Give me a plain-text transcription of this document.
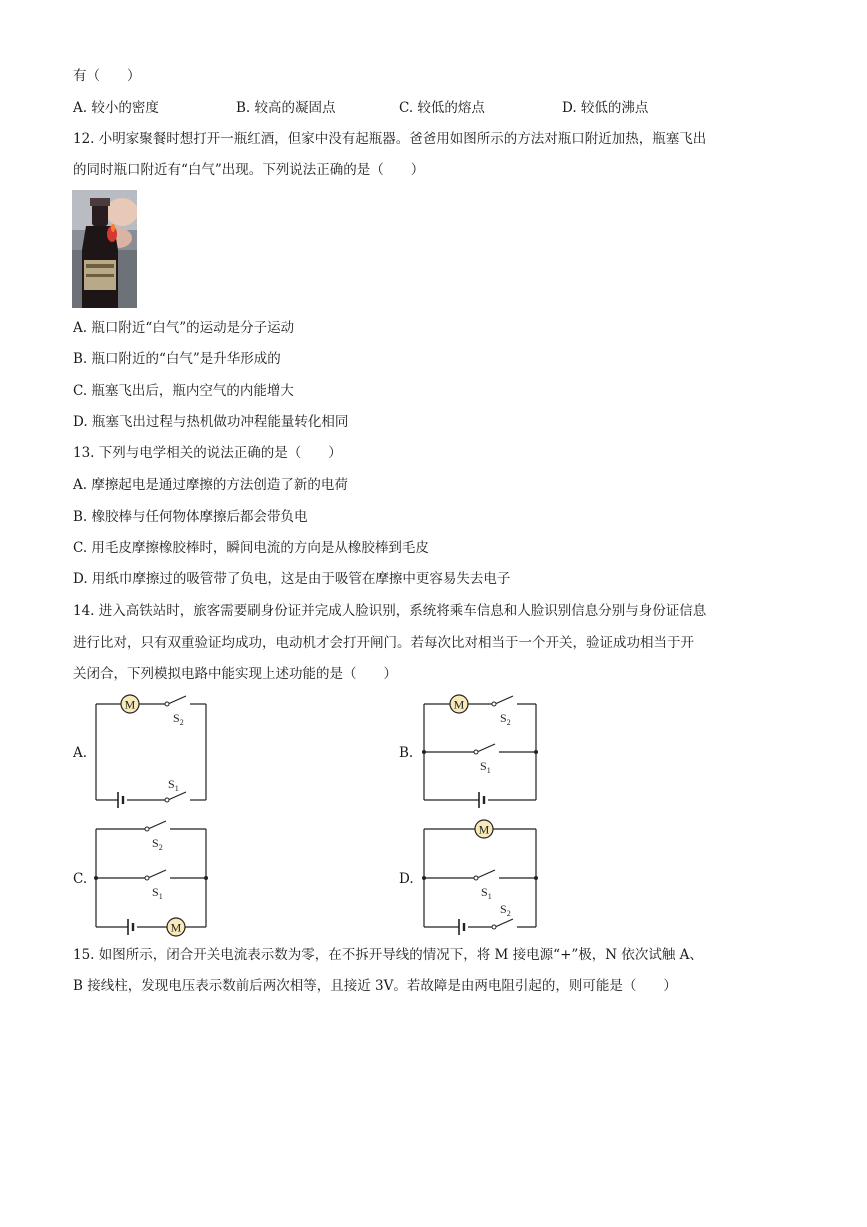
有（　　）
A. 较小的密度	B. 较高的凝固点	C. 较低的熔点	D. 较低的沸点
12. 小明家聚餐时想打开一瓶红酒，但家中没有起瓶器。爸爸用如图所示的方法对瓶口附近加热，瓶塞飞出
的同时瓶口附近有“白气”出现。下列说法正确的是（　　）
A. 瓶口附近“白气”的运动是分子运动
B. 瓶口附近的“白气”是升华形成的
C. 瓶塞飞出后，瓶内空气的内能增大
D. 瓶塞飞出过程与热机做功冲程能量转化相同
13. 下列与电学相关的说法正确的是（　　）
A. 摩擦起电是通过摩擦的方法创造了新的电荷
B. 橡胶棒与任何物体摩擦后都会带负电
C. 用毛皮摩擦橡胶棒时，瞬间电流的方向是从橡胶棒到毛皮
D. 用纸巾摩擦过的吸管带了负电，这是由于吸管在摩擦中更容易失去电子
14. 进入高铁站时，旅客需要刷身份证并完成人脸识别，系统将乘车信息和人脸识别信息分别与身份证信息
进行比对，只有双重验证均成功，电动机才会打开闸门。若每次比对相当于一个开关，验证成功相当于开
关闭合，下列模拟电路中能实现上述功能的是（　　）
A.	B.
C.	D.
M
$S_2$
$S_1$
M
$S_2$
$S_1$
M
$S_2$
$S_1$
M
$S_1$
$S_2$
15. 如图所示，闭合开关电流表示数为零，在不拆开导线的情况下，将 M 接电源“+”极，N 依次试触 A、
B 接线柱，发现电压表示数前后两次相等，且接近 3V。若故障是由两电阻引起的，则可能是（　　）
